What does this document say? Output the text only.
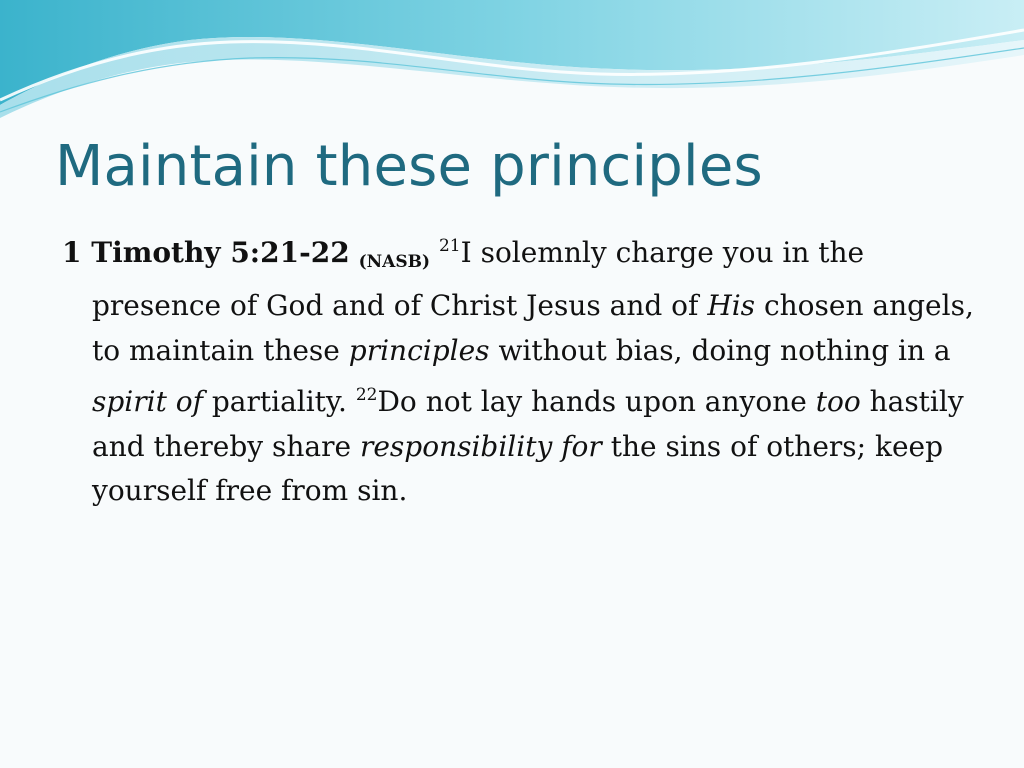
Maintain these principles

1 Timothy 5:21-22 (NASB) $^{21}$I solemnly charge you in the presence of God and of Christ Jesus and of His chosen angels, to maintain these principles without bias, doing nothing in a spirit of partiality. $^{22}$Do not lay hands upon anyone too hastily and thereby share responsibility for the sins of others; keep yourself free from sin.
